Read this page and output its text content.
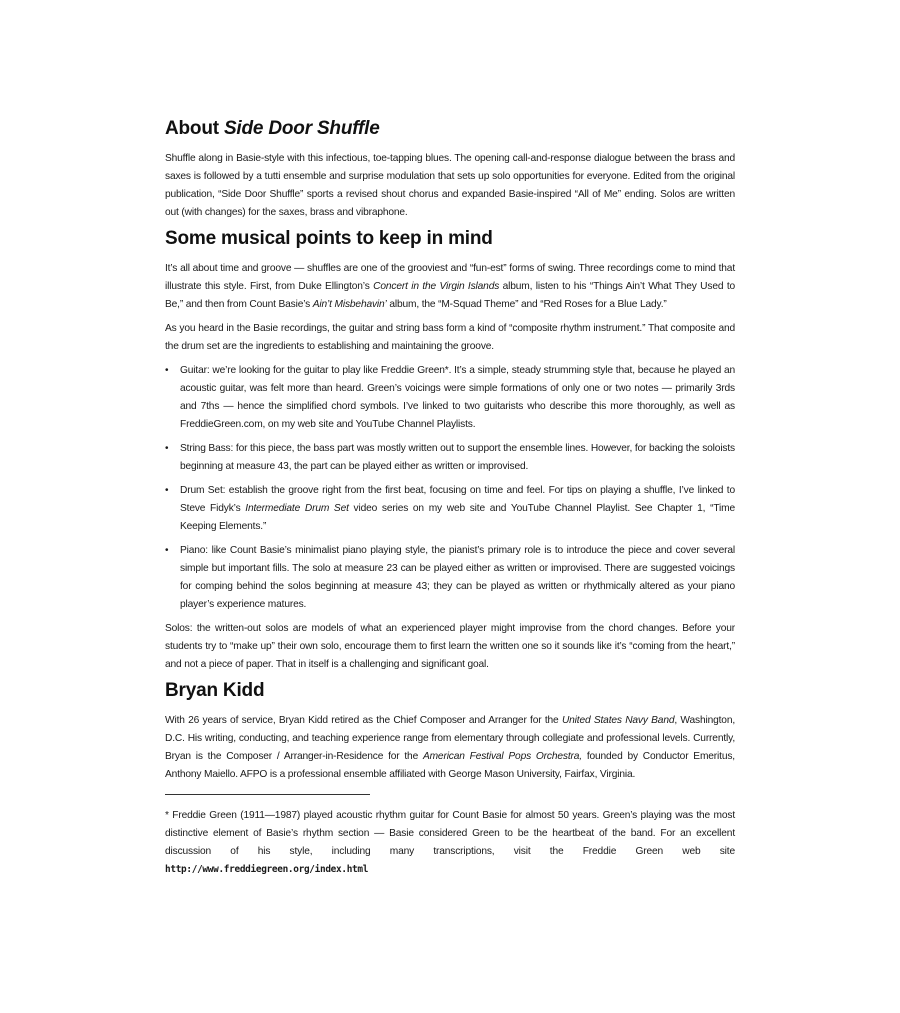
About Side Door Shuffle

Shuffle along in Basie-style with this infectious, toe-tapping blues. The opening call-and-response dialogue between the brass and saxes is followed by a tutti ensemble and surprise modulation that sets up solo opportunities for everyone. Edited from the original publication, “Side Door Shuffle” sports a revised shout chorus and expanded Basie-inspired “All of Me” ending. Solos are written out (with changes) for the saxes, brass and vibraphone.

Some musical points to keep in mind

It’s all about time and groove — shuffles are one of the grooviest and “fun-est” forms of swing. Three recordings come to mind that illustrate this style. First, from Duke Ellington’s Concert in the Virgin Islands album, listen to his “Things Ain’t What They Used to Be,” and then from Count Basie’s Ain’t Misbehavin’ album, the “M-Squad Theme” and “Red Roses for a Blue Lady.”

As you heard in the Basie recordings, the guitar and string bass form a kind of “composite rhythm instrument.” That composite and the drum set are the ingredients to establishing and maintaining the groove.

• Guitar: we’re looking for the guitar to play like Freddie Green*. It’s a simple, steady strumming style that, because he played an acoustic guitar, was felt more than heard. Green’s voicings were simple formations of only one or two notes — primarily 3rds and 7ths — hence the simplified chord symbols. I’ve linked to two guitarists who describe this more thoroughly, as well as FreddieGreen.com, on my web site and YouTube Channel Playlists.

• String Bass: for this piece, the bass part was mostly written out to support the ensemble lines. However, for backing the soloists beginning at measure 43, the part can be played either as written or improvised.

• Drum Set: establish the groove right from the first beat, focusing on time and feel. For tips on playing a shuffle, I’ve linked to Steve Fidyk’s Intermediate Drum Set video series on my web site and YouTube Channel Playlist. See Chapter 1, “Time Keeping Elements.”

• Piano: like Count Basie’s minimalist piano playing style, the pianist’s primary role is to introduce the piece and cover several simple but important fills. The solo at measure 23 can be played either as written or improvised. There are suggested voicings for comping behind the solos beginning at measure 43; they can be played as written or rhythmically altered as your piano player’s experience matures.

Solos: the written-out solos are models of what an experienced player might improvise from the chord changes. Before your students try to “make up” their own solo, encourage them to first learn the written one so it sounds like it’s “coming from the heart,” and not a piece of paper. That in itself is a challenging and significant goal.

Bryan Kidd

With 26 years of service, Bryan Kidd retired as the Chief Composer and Arranger for the United States Navy Band, Washington, D.C. His writing, conducting, and teaching experience range from elementary through collegiate and professional levels. Currently, Bryan is the Composer / Arranger-in-Residence for the American Festival Pops Orchestra, founded by Conductor Emeritus, Anthony Maiello. AFPO is a professional ensemble affiliated with George Mason University, Fairfax, Virginia.

* Freddie Green (1911—1987) played acoustic rhythm guitar for Count Basie for almost 50 years. Green’s playing was the most distinctive element of Basie’s rhythm section — Basie considered Green to be the heartbeat of the band. For an excellent discussion of his style, including many transcriptions, visit the Freddie Green web site http://www.freddiegreen.org/index.html
